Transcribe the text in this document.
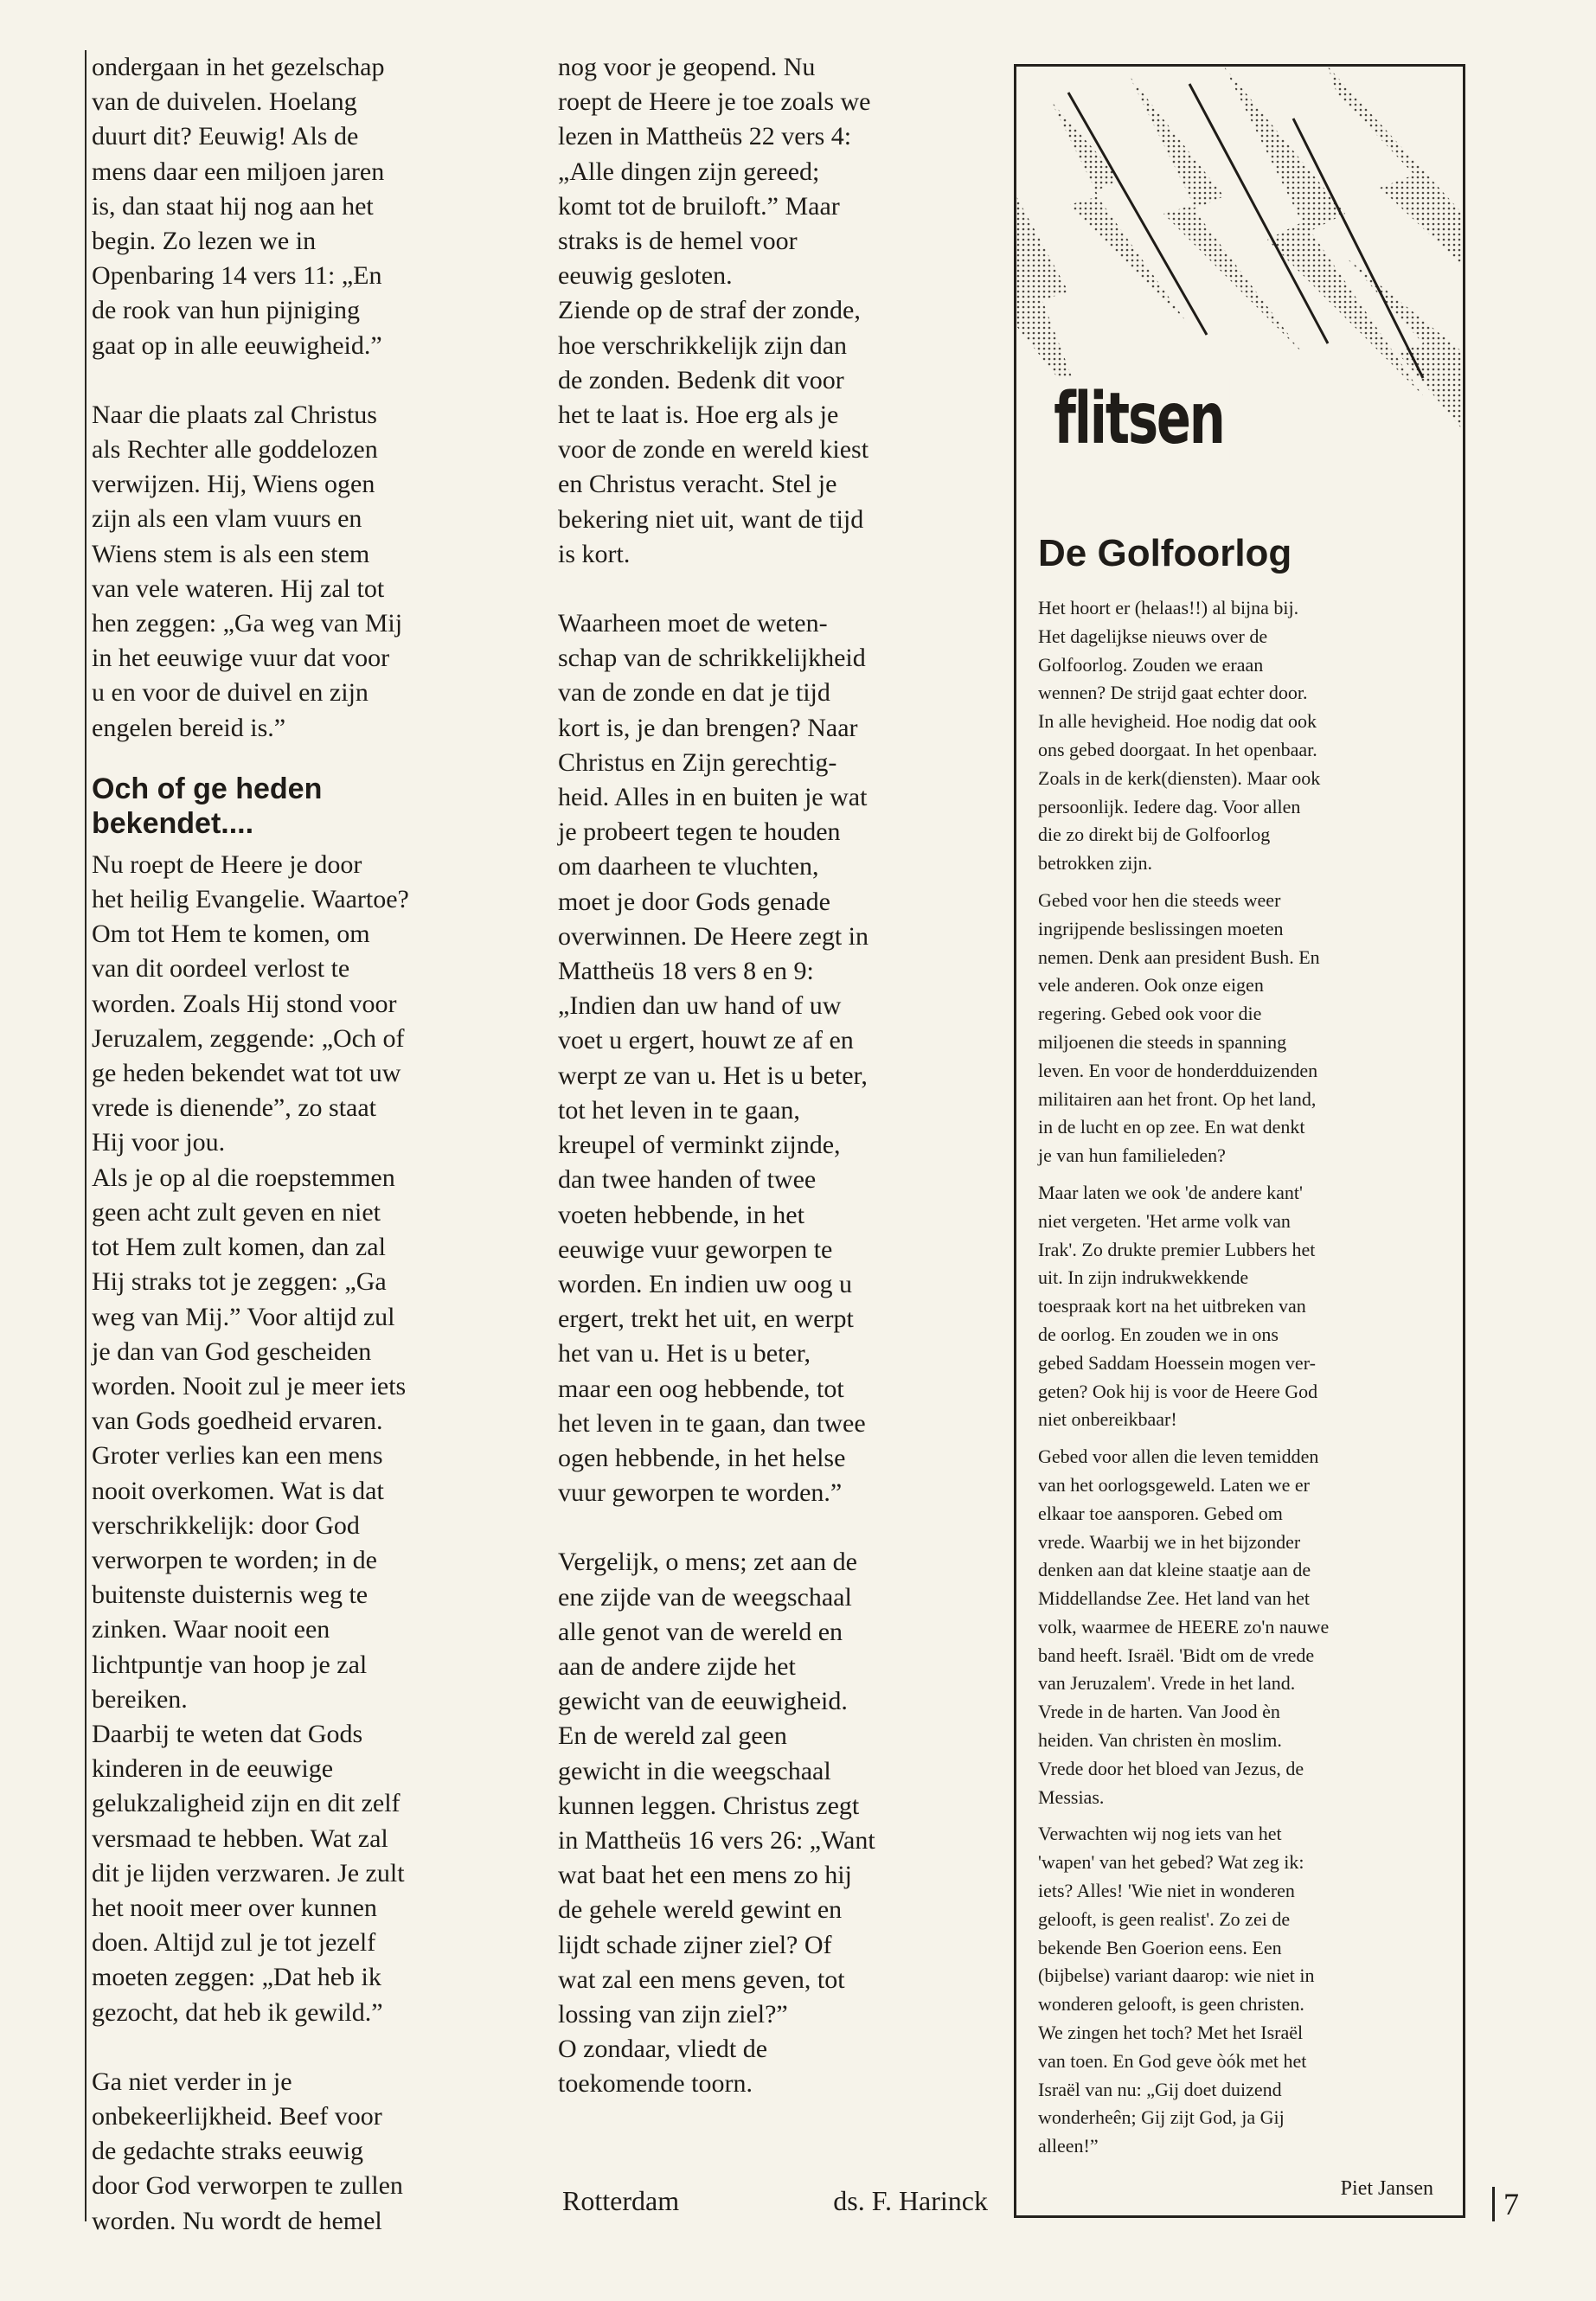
ondergaan in het gezelschap
van de duivelen. Hoelang
duurt dit? Eeuwig! Als de
mens daar een miljoen jaren
is, dan staat hij nog aan het
begin. Zo lezen we in
Openbaring 14 vers 11: „En
de rook van hun pijniging
gaat op in alle eeuwigheid.”

Naar die plaats zal Christus
als Rechter alle goddelozen
verwijzen. Hij, Wiens ogen
zijn als een vlam vuurs en
Wiens stem is als een stem
van vele wateren. Hij zal tot
hen zeggen: „Ga weg van Mij
in het eeuwige vuur dat voor
u en voor de duivel en zijn
engelen bereid is.”

Och of ge heden
bekendet....

Nu roept de Heere je door
het heilig Evangelie. Waartoe?
Om tot Hem te komen, om
van dit oordeel verlost te
worden. Zoals Hij stond voor
Jeruzalem, zeggende: „Och of
ge heden bekendet wat tot uw
vrede is dienende”, zo staat
Hij voor jou.
Als je op al die roepstemmen
geen acht zult geven en niet
tot Hem zult komen, dan zal
Hij straks tot je zeggen: „Ga
weg van Mij.” Voor altijd zul
je dan van God gescheiden
worden. Nooit zul je meer iets
van Gods goedheid ervaren.
Groter verlies kan een mens
nooit overkomen. Wat is dat
verschrikkelijk: door God
verworpen te worden; in de
buitenste duisternis weg te
zinken. Waar nooit een
lichtpuntje van hoop je zal
bereiken.
Daarbij te weten dat Gods
kinderen in de eeuwige
gelukzaligheid zijn en dit zelf
versmaad te hebben. Wat zal
dit je lijden verzwaren. Je zult
het nooit meer over kunnen
doen. Altijd zul je tot jezelf
moeten zeggen: „Dat heb ik
gezocht, dat heb ik gewild.”

Ga niet verder in je
onbekeerlijkheid. Beef voor
de gedachte straks eeuwig
door God verworpen te zullen
worden. Nu wordt de hemel

nog voor je geopend. Nu
roept de Heere je toe zoals we
lezen in Mattheüs 22 vers 4:
„Alle dingen zijn gereed;
komt tot de bruiloft.” Maar
straks is de hemel voor
eeuwig gesloten.
Ziende op de straf der zonde,
hoe verschrikkelijk zijn dan
de zonden. Bedenk dit voor
het te laat is. Hoe erg als je
voor de zonde en wereld kiest
en Christus veracht. Stel je
bekering niet uit, want de tijd
is kort.

Waarheen moet de weten-
schap van de schrikkelijkheid
van de zonde en dat je tijd
kort is, je dan brengen? Naar
Christus en Zijn gerechtig-
heid. Alles in en buiten je wat
je probeert tegen te houden
om daarheen te vluchten,
moet je door Gods genade
overwinnen. De Heere zegt in
Mattheüs 18 vers 8 en 9:
„Indien dan uw hand of uw
voet u ergert, houwt ze af en
werpt ze van u. Het is u beter,
tot het leven in te gaan,
kreupel of verminkt zijnde,
dan twee handen of twee
voeten hebbende, in het
eeuwige vuur geworpen te
worden. En indien uw oog u
ergert, trekt het uit, en werpt
het van u. Het is u beter,
maar een oog hebbende, tot
het leven in te gaan, dan twee
ogen hebbende, in het helse
vuur geworpen te worden.”

Vergelijk, o mens; zet aan de
ene zijde van de weegschaal
alle genot van de wereld en
aan de andere zijde het
gewicht van de eeuwigheid.
En de wereld zal geen
gewicht in die weegschaal
kunnen leggen. Christus zegt
in Mattheüs 16 vers 26: „Want
wat baat het een mens zo hij
de gehele wereld gewint en
lijdt schade zijner ziel? Of
wat zal een mens geven, tot
lossing van zijn ziel?”
O zondaar, vliedt de
toekomende toorn.

Rotterdam	ds. F. Harinck
flitsen
De Golfoorlog

Het hoort er (helaas!!) al bijna bij.
Het dagelijkse nieuws over de
Golfoorlog. Zouden we eraan
wennen? De strijd gaat echter door.
In alle hevigheid. Hoe nodig dat ook
ons gebed doorgaat. In het openbaar.
Zoals in de kerk(diensten). Maar ook
persoonlijk. Iedere dag. Voor allen
die zo direkt bij de Golfoorlog
betrokken zijn.

Gebed voor hen die steeds weer
ingrijpende beslissingen moeten
nemen. Denk aan president Bush. En
vele anderen. Ook onze eigen
regering. Gebed ook voor die
miljoenen die steeds in spanning
leven. En voor de honderdduizenden
militairen aan het front. Op het land,
in de lucht en op zee. En wat denkt
je van hun familieleden?

Maar laten we ook 'de andere kant'
niet vergeten. 'Het arme volk van
Irak'. Zo drukte premier Lubbers het
uit. In zijn indrukwekkende
toespraak kort na het uitbreken van
de oorlog. En zouden we in ons
gebed Saddam Hoessein mogen ver-
geten? Ook hij is voor de Heere God
niet onbereikbaar!

Gebed voor allen die leven temidden
van het oorlogsgeweld. Laten we er
elkaar toe aansporen. Gebed om
vrede. Waarbij we in het bijzonder
denken aan dat kleine staatje aan de
Middellandse Zee. Het land van het
volk, waarmee de HEERE zo'n nauwe
band heeft. Israël. 'Bidt om de vrede
van Jeruzalem'. Vrede in het land.
Vrede in de harten. Van Jood èn
heiden. Van christen èn moslim.
Vrede door het bloed van Jezus, de
Messias.

Verwachten wij nog iets van het
'wapen' van het gebed? Wat zeg ik:
iets? Alles! 'Wie niet in wonderen
gelooft, is geen realist'. Zo zei de
bekende Ben Goerion eens. Een
(bijbelse) variant daarop: wie niet in
wonderen gelooft, is geen christen.
We zingen het toch? Met het Israël
van toen. En God geve òók met het
Israël van nu: „Gij doet duizend
wonderheên; Gij zijt God, ja Gij
alleen!”

Piet Jansen	7
